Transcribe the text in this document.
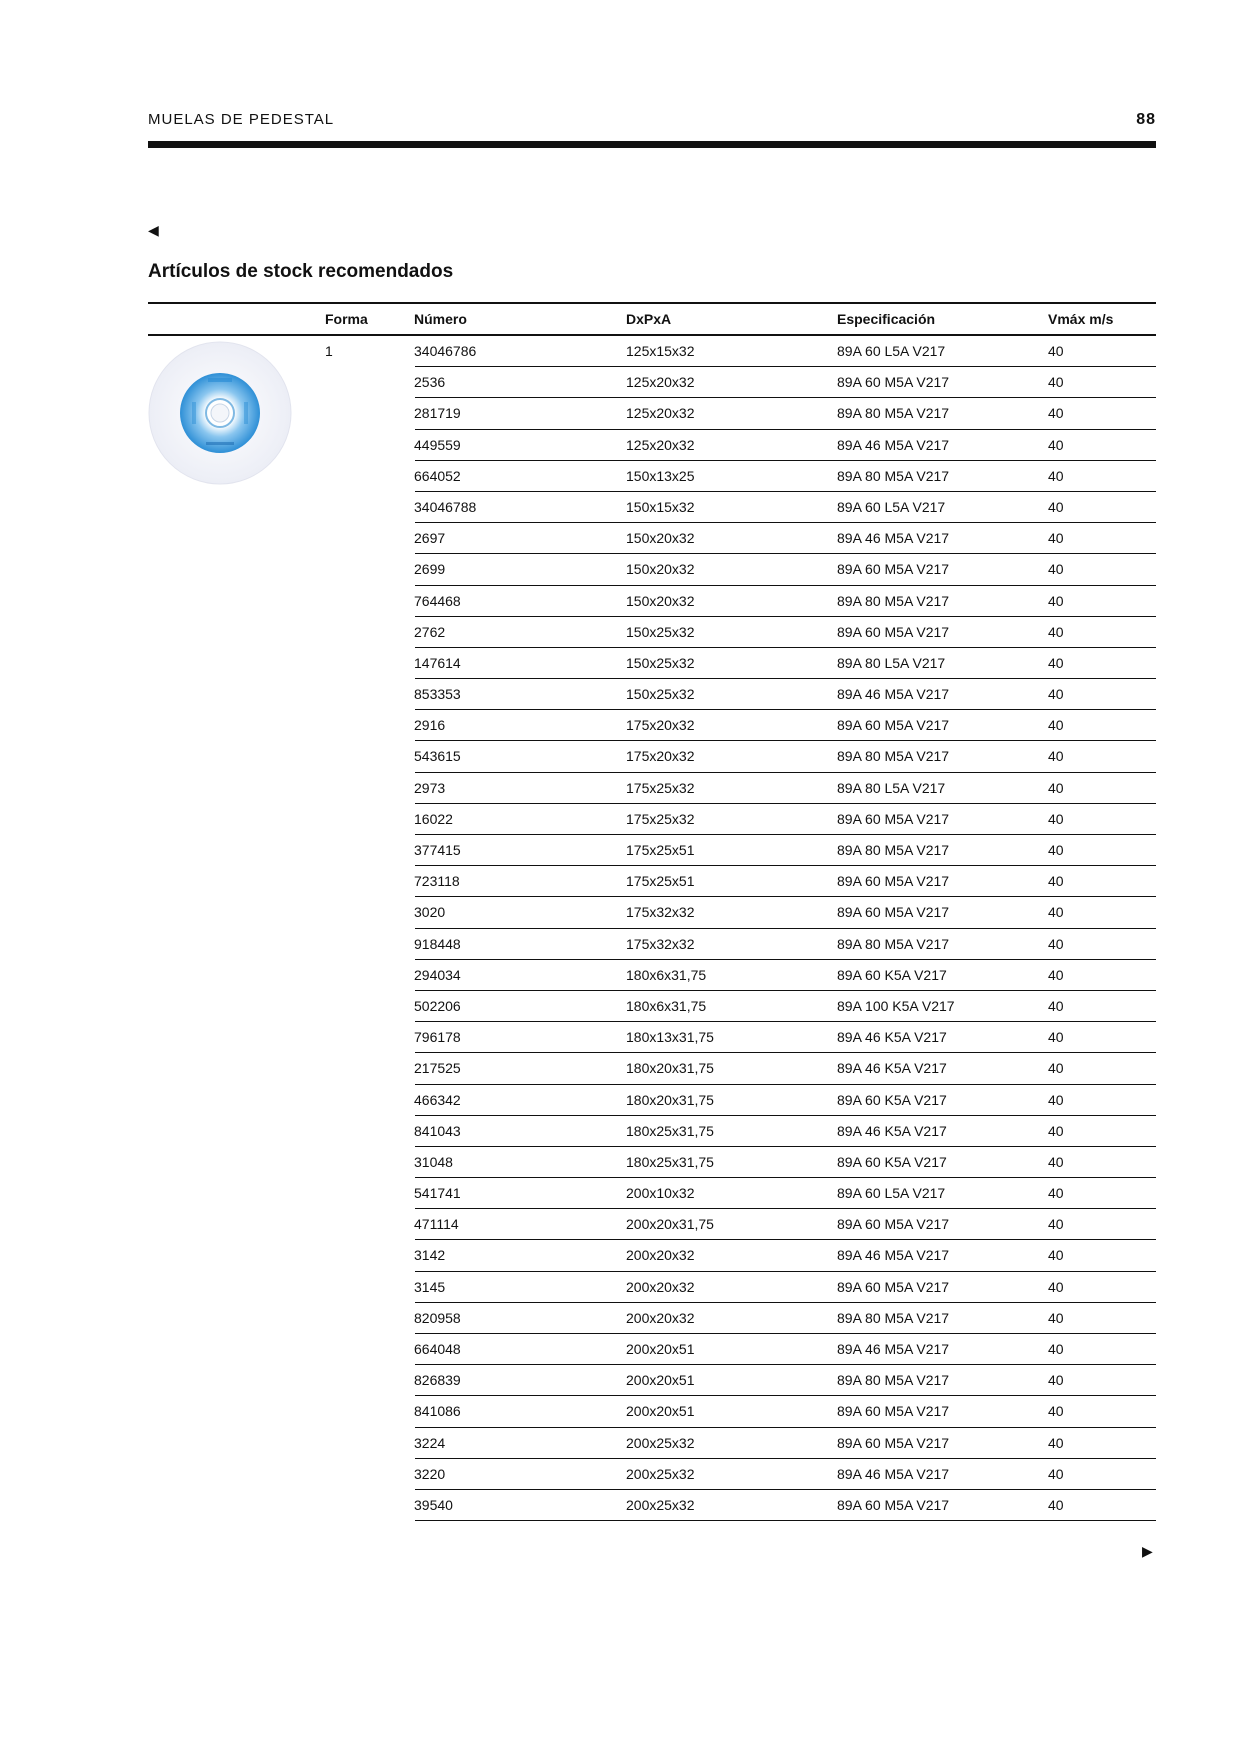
MUELAS DE PEDESTAL	88
◀
Artículos de stock recomendados
Forma	Número	DxPxA	Especificación	Vmáx m/s
1	34046786	125x15x32	89A 60 L5A V217	40
2536	125x20x32	89A 60 M5A V217	40
281719	125x20x32	89A 80 M5A V217	40
449559	125x20x32	89A 46 M5A V217	40
664052	150x13x25	89A 80 M5A V217	40
34046788	150x15x32	89A 60 L5A V217	40
2697	150x20x32	89A 46 M5A V217	40
2699	150x20x32	89A 60 M5A V217	40
764468	150x20x32	89A 80 M5A V217	40
2762	150x25x32	89A 60 M5A V217	40
147614	150x25x32	89A 80 L5A V217	40
853353	150x25x32	89A 46 M5A V217	40
2916	175x20x32	89A 60 M5A V217	40
543615	175x20x32	89A 80 M5A V217	40
2973	175x25x32	89A 80 L5A V217	40
16022	175x25x32	89A 60 M5A V217	40
377415	175x25x51	89A 80 M5A V217	40
723118	175x25x51	89A 60 M5A V217	40
3020	175x32x32	89A 60 M5A V217	40
918448	175x32x32	89A 80 M5A V217	40
294034	180x6x31,75	89A 60 K5A V217	40
502206	180x6x31,75	89A 100 K5A V217	40
796178	180x13x31,75	89A 46 K5A V217	40
217525	180x20x31,75	89A 46 K5A V217	40
466342	180x20x31,75	89A 60 K5A V217	40
841043	180x25x31,75	89A 46 K5A V217	40
31048	180x25x31,75	89A 60 K5A V217	40
541741	200x10x32	89A 60 L5A V217	40
471114	200x20x31,75	89A 60 M5A V217	40
3142	200x20x32	89A 46 M5A V217	40
3145	200x20x32	89A 60 M5A V217	40
820958	200x20x32	89A 80 M5A V217	40
664048	200x20x51	89A 46 M5A V217	40
826839	200x20x51	89A 80 M5A V217	40
841086	200x20x51	89A 60 M5A V217	40
3224	200x25x32	89A 60 M5A V217	40
3220	200x25x32	89A 46 M5A V217	40
39540	200x25x32	89A 60 M5A V217	40
▶
